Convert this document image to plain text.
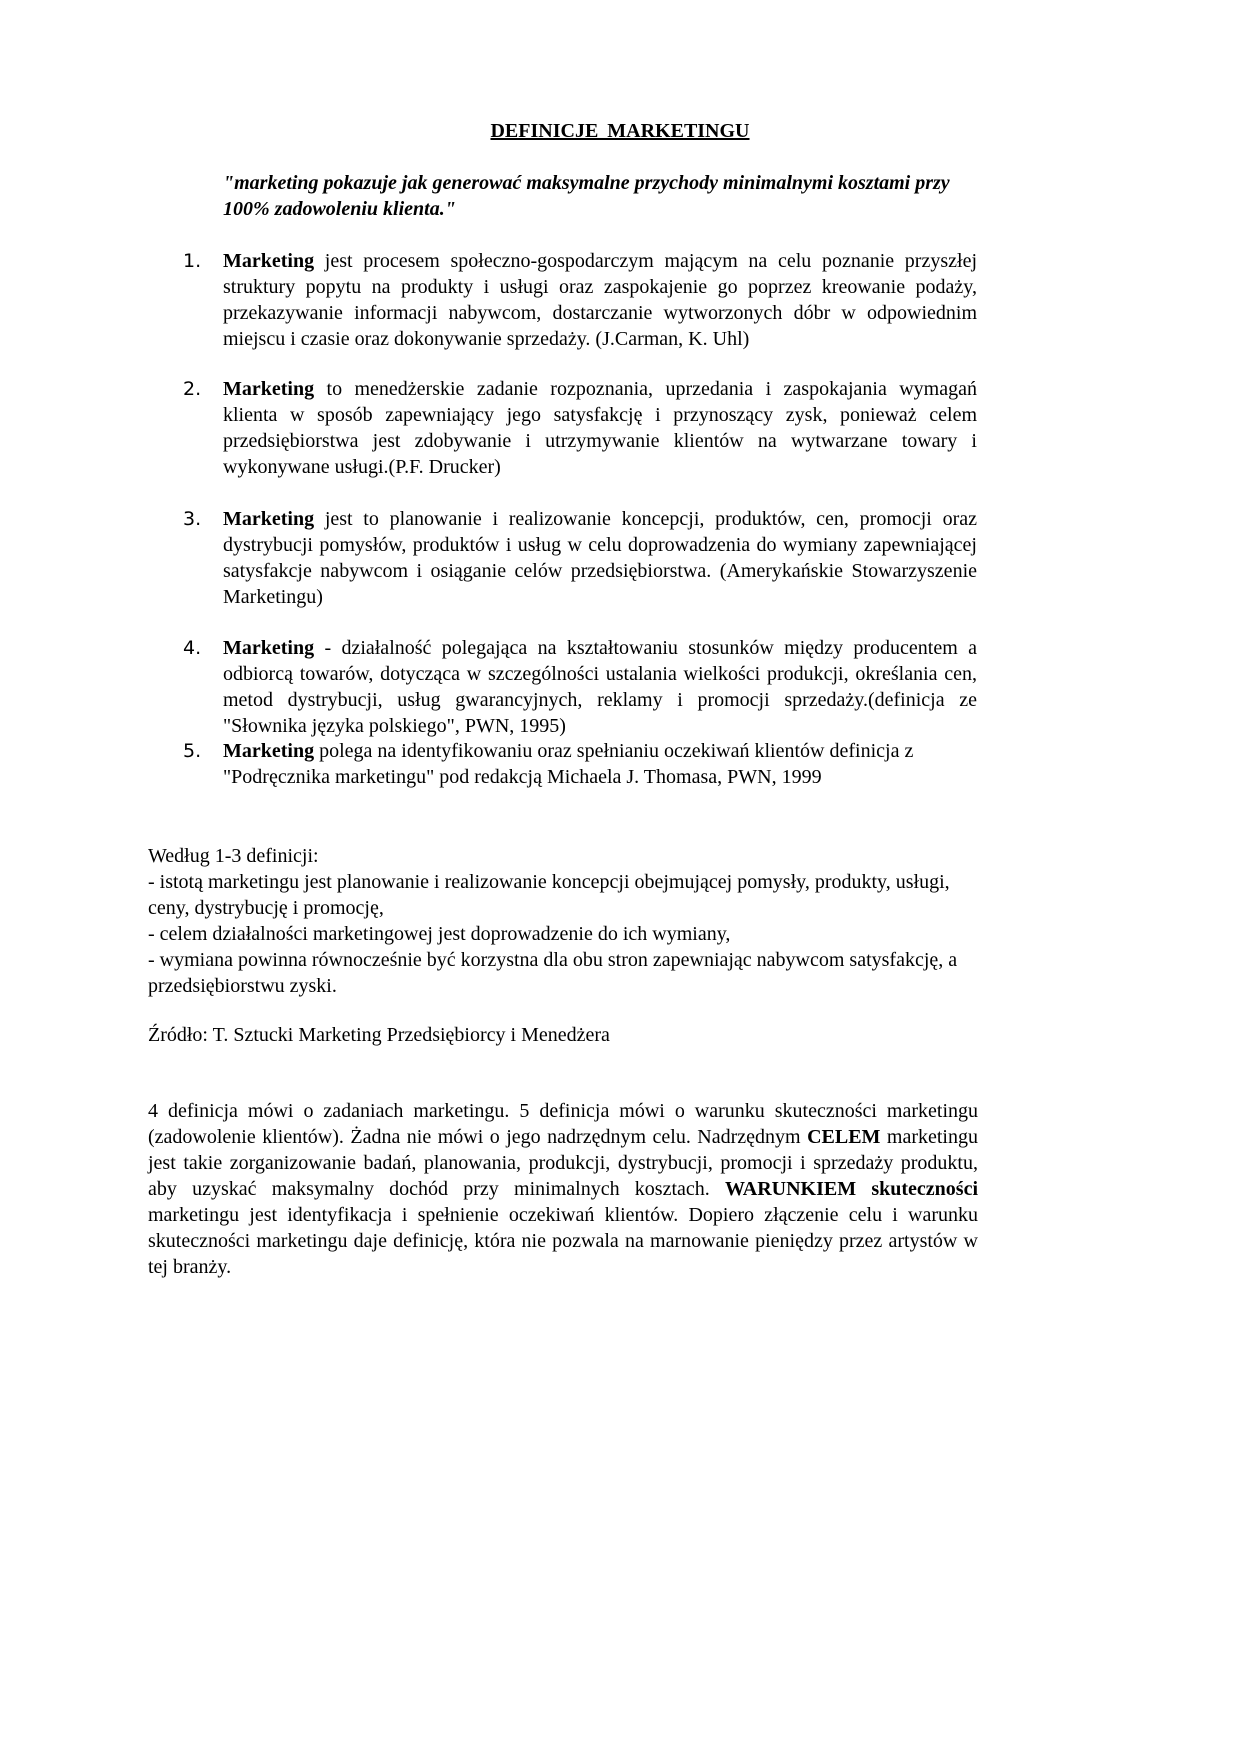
DEFINICJE MARKETINGU
"marketing pokazuje jak generować maksymalne przychody minimalnymi kosztami przy 100% zadowoleniu klienta."
1. Marketing jest procesem społeczno-gospodarczym mającym na celu poznanie przyszłej struktury popytu na produkty i usługi oraz zaspokajenie go poprzez kreowanie podaży, przekazywanie informacji nabywcom, dostarczanie wytworzonych dóbr w odpowiednim miejscu i czasie oraz dokonywanie sprzedaży. (J.Carman, K. Uhl)
2. Marketing to menedżerskie zadanie rozpoznania, uprzedania i zaspokajania wymagań klienta w sposób zapewniający jego satysfakcję i przynoszący zysk, ponieważ celem przedsiębiorstwa jest zdobywanie i utrzymywanie klientów na wytwarzane towary i wykonywane usługi.(P.F. Drucker)
3. Marketing jest to planowanie i realizowanie koncepcji, produktów, cen, promocji oraz dystrybucji pomysłów, produktów i usług w celu doprowadzenia do wymiany zapewniającej satysfakcje nabywcom i osiąganie celów przedsiębiorstwa. (Amerykańskie Stowarzyszenie Marketingu)
4. Marketing - działalność polegająca na kształtowaniu stosunków między producentem a odbiorcą towarów, dotycząca w szczególności ustalania wielkości produkcji, określania cen, metod dystrybucji, usług gwarancyjnych, reklamy i promocji sprzedaży.(definicja ze "Słownika języka polskiego", PWN, 1995)
5. Marketing polega na identyfikowaniu oraz spełnianiu oczekiwań klientów definicja z "Podręcznika marketingu" pod redakcją Michaela J. Thomasa, PWN, 1999
Według 1-3 definicji:
- istotą marketingu jest planowanie i realizowanie koncepcji obejmującej pomysły, produkty, usługi, ceny, dystrybucję i promocję,
- celem działalności marketingowej jest doprowadzenie do ich wymiany,
- wymiana powinna równocześnie być korzystna dla obu stron zapewniając nabywcom satysfakcję, a przedsiębiorstwu zyski.
Źródło: T. Sztucki Marketing Przedsiębiorcy i Menedżera
4 definicja mówi o zadaniach marketingu. 5 definicja mówi o warunku skuteczności marketingu (zadowolenie klientów). Żadna nie mówi o jego nadrzędnym celu. Nadrzędnym CELEM marketingu jest takie zorganizowanie badań, planowania, produkcji, dystrybucji, promocji i sprzedaży produktu, aby uzyskać maksymalny dochód przy minimalnych kosztach. WARUNKIEM skuteczności marketingu jest identyfikacja i spełnienie oczekiwań klientów. Dopiero złączenie celu i warunku skuteczności marketingu daje definicję, która nie pozwala na marnowanie pieniędzy przez artystów w tej branży.
